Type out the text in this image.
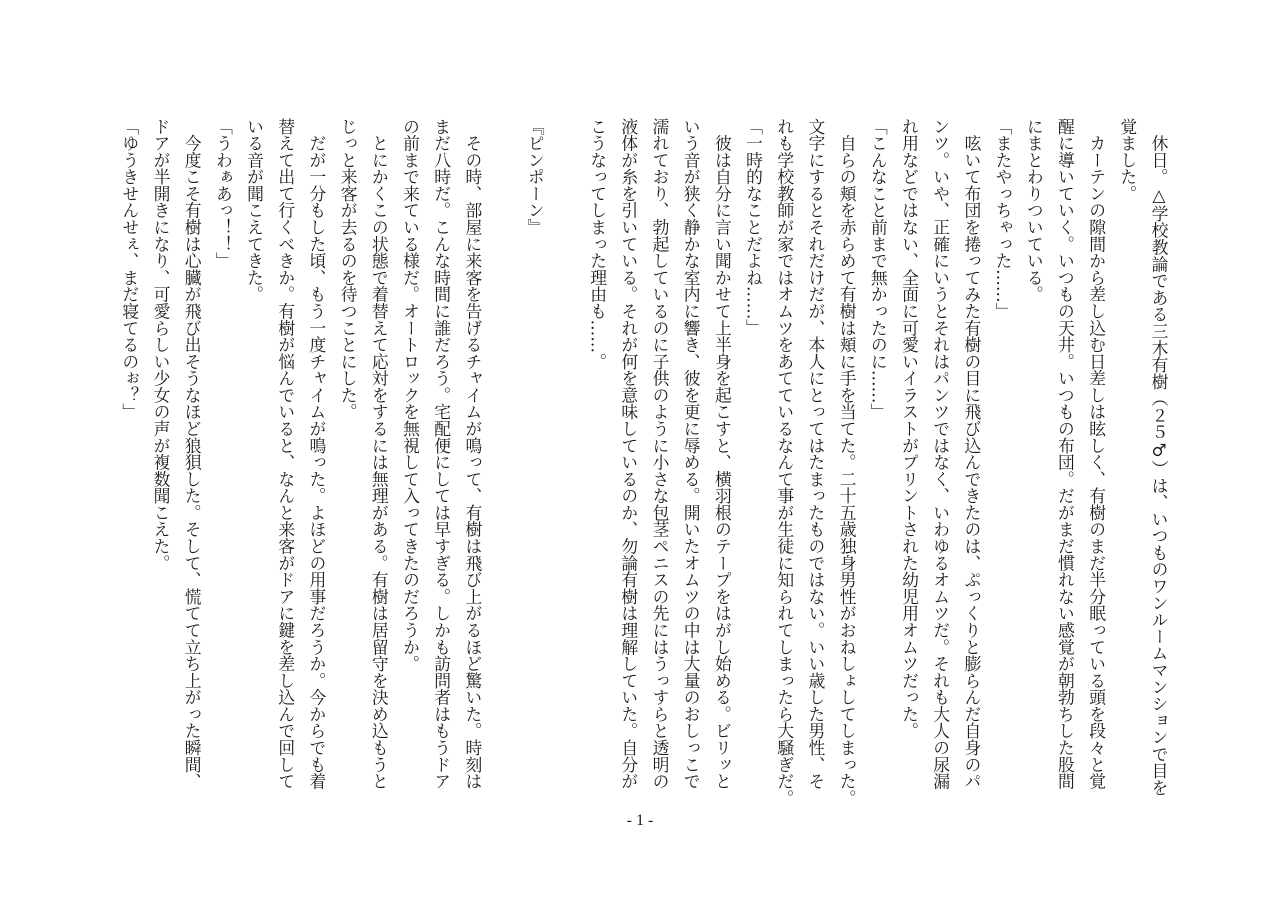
　休日。△学校教論である三木有樹（２５♂）は、いつものワンルームマンションで目を
覚ました。
　カーテンの隙間から差し込む日差しは眩しく、有樹のまだ半分眠っている頭を段々と覚
醒に導いていく。いつもの天井。いつもの布団。だがまだ慣れない感覚が朝勃ちした股間
にまとわりついている。
「またやっちゃった……」
　呟いて布団を捲ってみた有樹の目に飛び込んできたのは、ぷっくりと膨らんだ自身のパ
ンツ。いや、正確にいうとそれはパンツではなく、いわゆるオムツだ。それも大人の尿漏
れ用などではない、全面に可愛いイラストがプリントされた幼児用オムツだった。
「こんなこと前まで無かったのに……」
　自らの頬を赤らめて有樹は頬に手を当てた。二十五歳独身男性がおねしょしてしまった。
文字にするとそれだけだが、本人にとってはたまったものではない。いい歳した男性、そ
れも学校教師が家ではオムツをあてているなんて事が生徒に知られてしまったら大騒ぎだ。
「一時的なことだよね……」
　彼は自分に言い聞かせて上半身を起こすと、横羽根のテープをはがし始める。ビリッと
いう音が狭く静かな室内に響き、彼を更に辱める。開いたオムツの中は大量のおしっこで
濡れており、勃起しているのに子供のように小さな包茎ペニスの先にはうっすらと透明の
液体が糸を引いている。それが何を意味しているのか、勿論有樹は理解していた。自分が
こうなってしまった理由も……。
『ピンポーン』
　その時、部屋に来客を告げるチャイムが鳴って、有樹は飛び上がるほど驚いた。時刻は
まだ八時だ。こんな時間に誰だろう。宅配便にしては早すぎる。しかも訪問者はもうドア
の前まで来ている様だ。オートロックを無視して入ってきたのだろうか。
　とにかくこの状態で着替えて応対をするには無理がある。有樹は居留守を決め込もうと
じっと来客が去るのを待つことにした。
　だが一分もした頃、もう一度チャイムが鳴った。よほどの用事だろうか。今からでも着
替えて出て行くべきか。有樹が悩んでいると、なんと来客がドアに鍵を差し込んで回して
いる音が聞こえてきた。
「うわぁあっ！！」
　今度こそ有樹は心臓が飛び出そうなほど狼狽した。そして、慌てて立ち上がった瞬間、
ドアが半開きになり、可愛らしい少女の声が複数聞こえた。
「ゆうきせんせぇ、まだ寝てるのぉ？」
- 1 -
